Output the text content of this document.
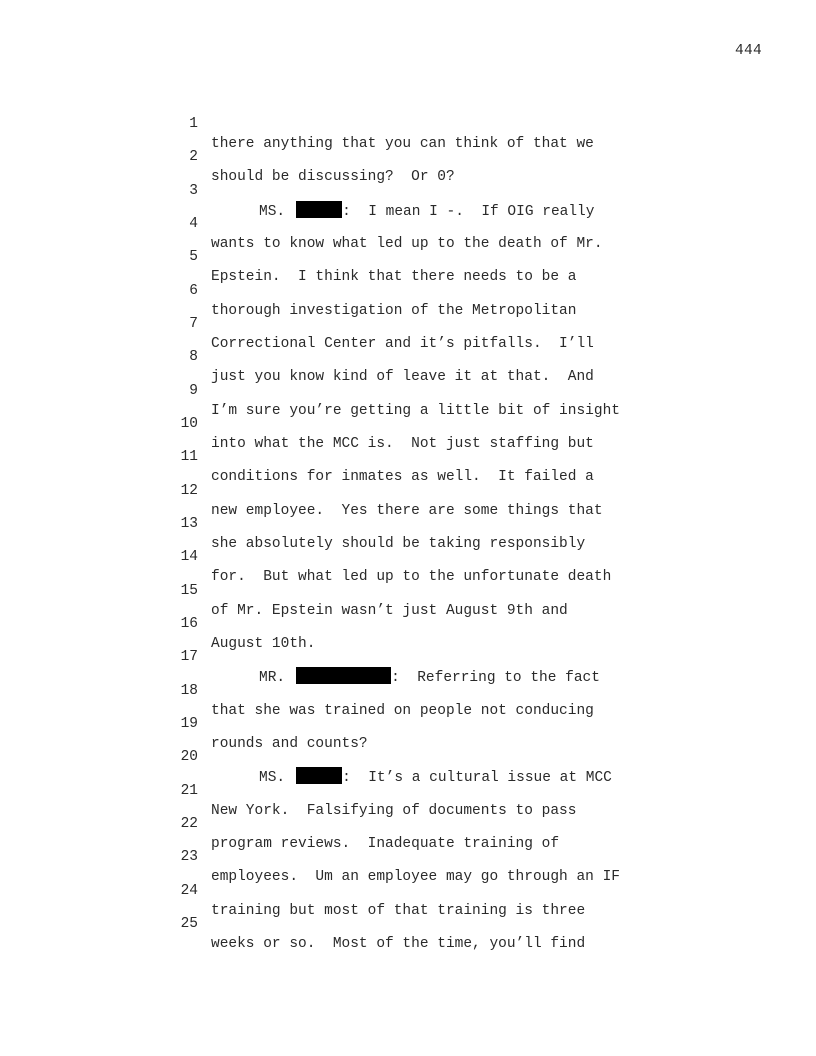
444

1

there anything that you can think of that we

2

should be discussing?  Or 0?

3

MS.	:  I mean I -.  If OIG really

4

wants to know what led up to the death of Mr.

5

Epstein.  I think that there needs to be a

6

thorough investigation of the Metropolitan

7

Correctional Center and it’s pitfalls.  I’ll

8

just you know kind of leave it at that.  And

9

I’m sure you’re getting a little bit of insight

10

into what the MCC is.  Not just staffing but

11

conditions for inmates as well.  It failed a

12

new employee.  Yes there are some things that

13

she absolutely should be taking responsibly

14

for.  But what led up to the unfortunate death

15

of Mr. Epstein wasn’t just August 9th and

16

August 10th.

17

MR.	:  Referring to the fact

18

that she was trained on people not conducing

19

rounds and counts?

20

MS.	:  It’s a cultural issue at MCC

21

New York.  Falsifying of documents to pass

22

program reviews.  Inadequate training of

23

employees.  Um an employee may go through an IF

24

training but most of that training is three

25

weeks or so.  Most of the time, you’ll find
